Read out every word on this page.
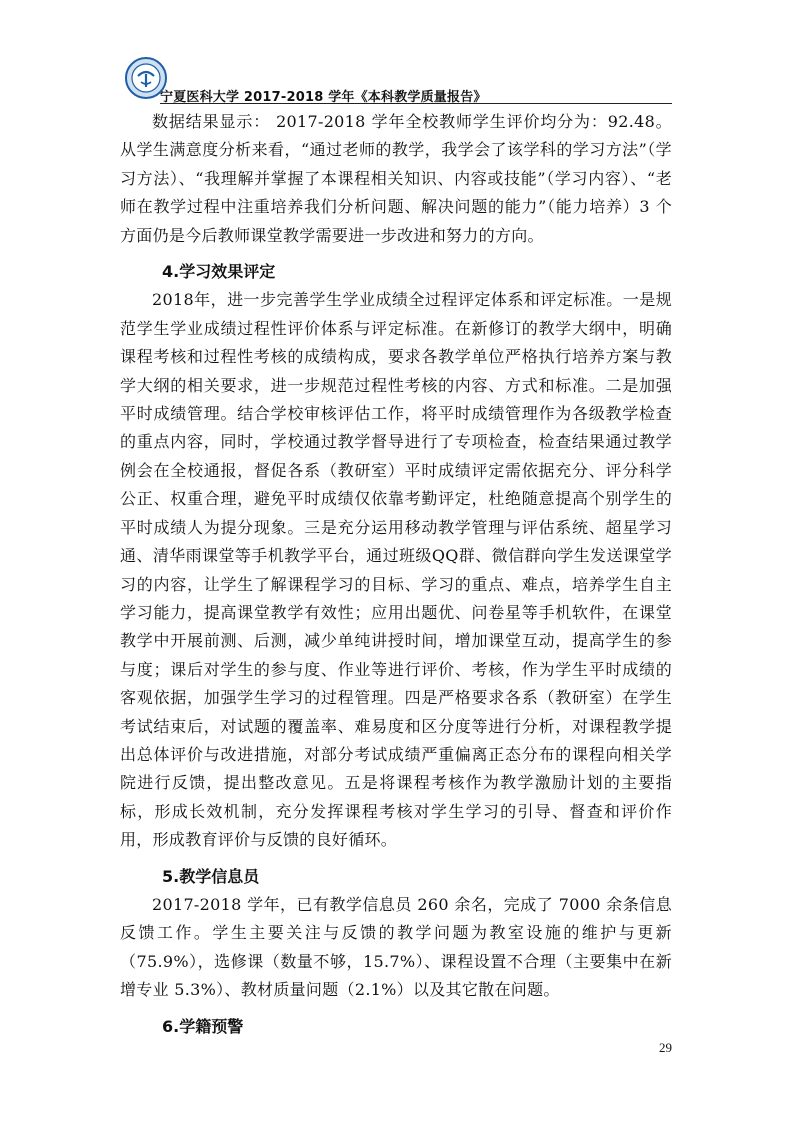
宁夏医科大学 2017-2018 学年《本科教学质量报告》

数据结果显示： 2017-2018 学年全校教师学生评价均分为：92.48。从学生满意度分析来看，“通过老师的教学，我学会了该学科的学习方法”（学习方法）、“我理解并掌握了本课程相关知识、内容或技能”（学习内容）、“老师在教学过程中注重培养我们分析问题、解决问题的能力”（能力培养）3 个方面仍是今后教师课堂教学需要进一步改进和努力的方向。

4.学习效果评定

2018年，进一步完善学生学业成绩全过程评定体系和评定标准。一是规范学生学业成绩过程性评价体系与评定标准。在新修订的教学大纲中，明确课程考核和过程性考核的成绩构成，要求各教学单位严格执行培养方案与教学大纲的相关要求，进一步规范过程性考核的内容、方式和标准。二是加强平时成绩管理。结合学校审核评估工作，将平时成绩管理作为各级教学检查的重点内容，同时，学校通过教学督导进行了专项检查，检查结果通过教学例会在全校通报，督促各系（教研室）平时成绩评定需依据充分、评分科学公正、权重合理，避免平时成绩仅依靠考勤评定，杜绝随意提高个别学生的平时成绩人为提分现象。三是充分运用移动教学管理与评估系统、超星学习通、清华雨课堂等手机教学平台，通过班级QQ群、微信群向学生发送课堂学习的内容，让学生了解课程学习的目标、学习的重点、难点，培养学生自主学习能力，提高课堂教学有效性；应用出题优、问卷星等手机软件，在课堂教学中开展前测、后测，减少单纯讲授时间，增加课堂互动，提高学生的参与度；课后对学生的参与度、作业等进行评价、考核，作为学生平时成绩的客观依据，加强学生学习的过程管理。四是严格要求各系（教研室）在学生考试结束后，对试题的覆盖率、难易度和区分度等进行分析，对课程教学提出总体评价与改进措施，对部分考试成绩严重偏离正态分布的课程向相关学院进行反馈，提出整改意见。五是将课程考核作为教学激励计划的主要指标，形成长效机制，充分发挥课程考核对学生学习的引导、督查和评价作用，形成教育评价与反馈的良好循环。

5.教学信息员

2017-2018 学年，已有教学信息员 260 余名，完成了 7000 余条信息反馈工作。学生主要关注与反馈的教学问题为教室设施的维护与更新（75.9%），选修课（数量不够，15.7%）、课程设置不合理（主要集中在新增专业 5.3%）、教材质量问题（2.1%）以及其它散在问题。

6.学籍预警
29
